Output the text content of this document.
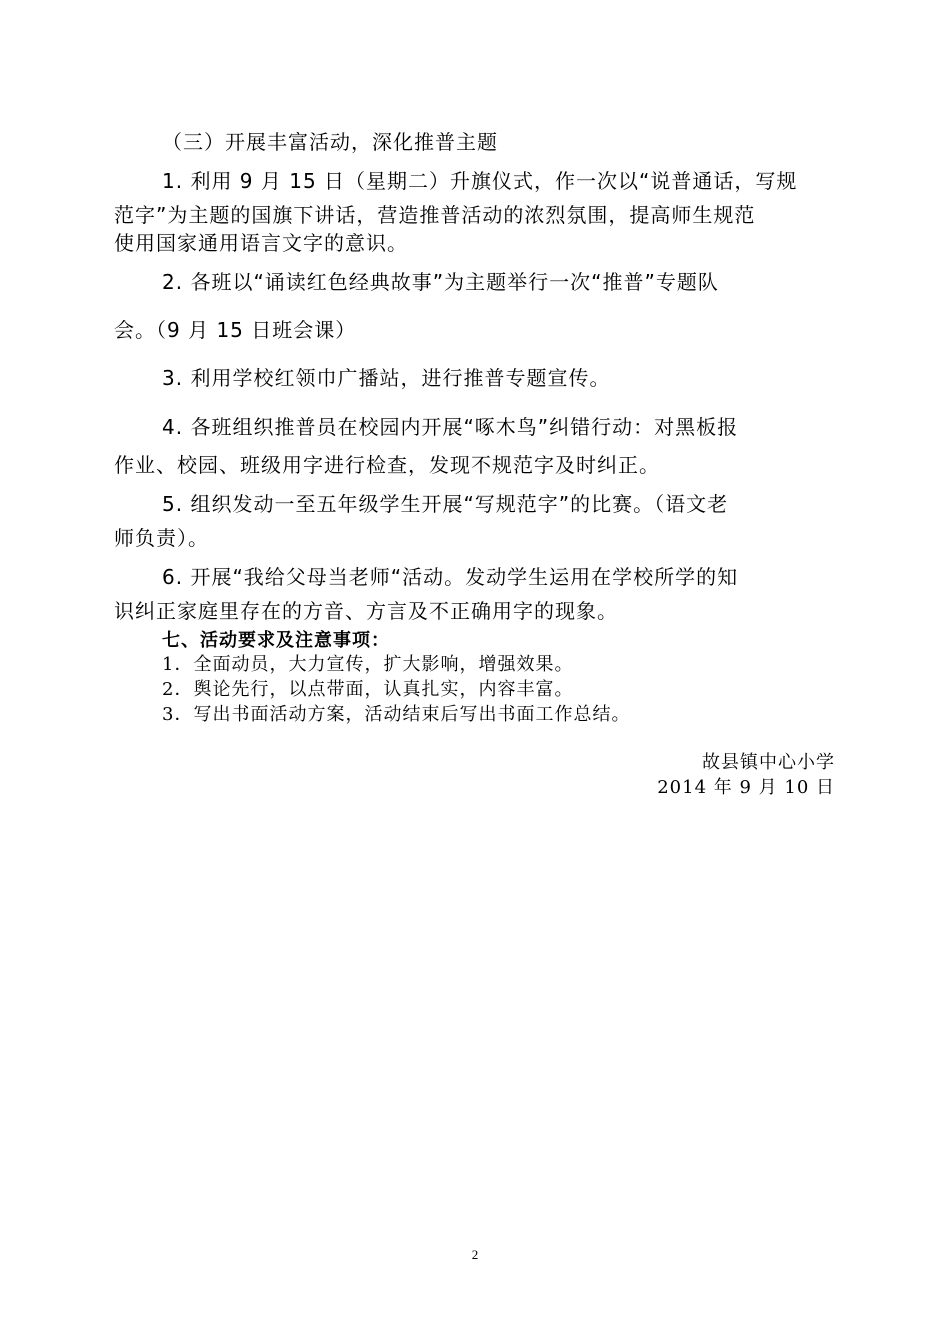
（三）开展丰富活动，深化推普主题
1. 利用 9 月 15 日（星期二）升旗仪式，作一次以“说普通话，写规
范字”为主题的国旗下讲话，营造推普活动的浓烈氛围，提高师生规范
使用国家通用语言文字的意识。
2. 各班以“诵读红色经典故事”为主题举行一次“推普”专题队
会。（9 月 15 日班会课）
3. 利用学校红领巾广播站，进行推普专题宣传。
4. 各班组织推普员在校园内开展“啄木鸟”纠错行动：对黑板报
作业、校园、班级用字进行检查，发现不规范字及时纠正。
5. 组织发动一至五年级学生开展“写规范字”的比赛。（语文老
师负责）。
6. 开展“我给父母当老师“活动。发动学生运用在学校所学的知
识纠正家庭里存在的方音、方言及不正确用字的现象。
七、活动要求及注意事项：
1．全面动员，大力宣传，扩大影响，增强效果。
2．舆论先行，以点带面，认真扎实，内容丰富。
3．写出书面活动方案，活动结束后写出书面工作总结。
故县镇中心小学
2014 年 9 月 10 日
2
